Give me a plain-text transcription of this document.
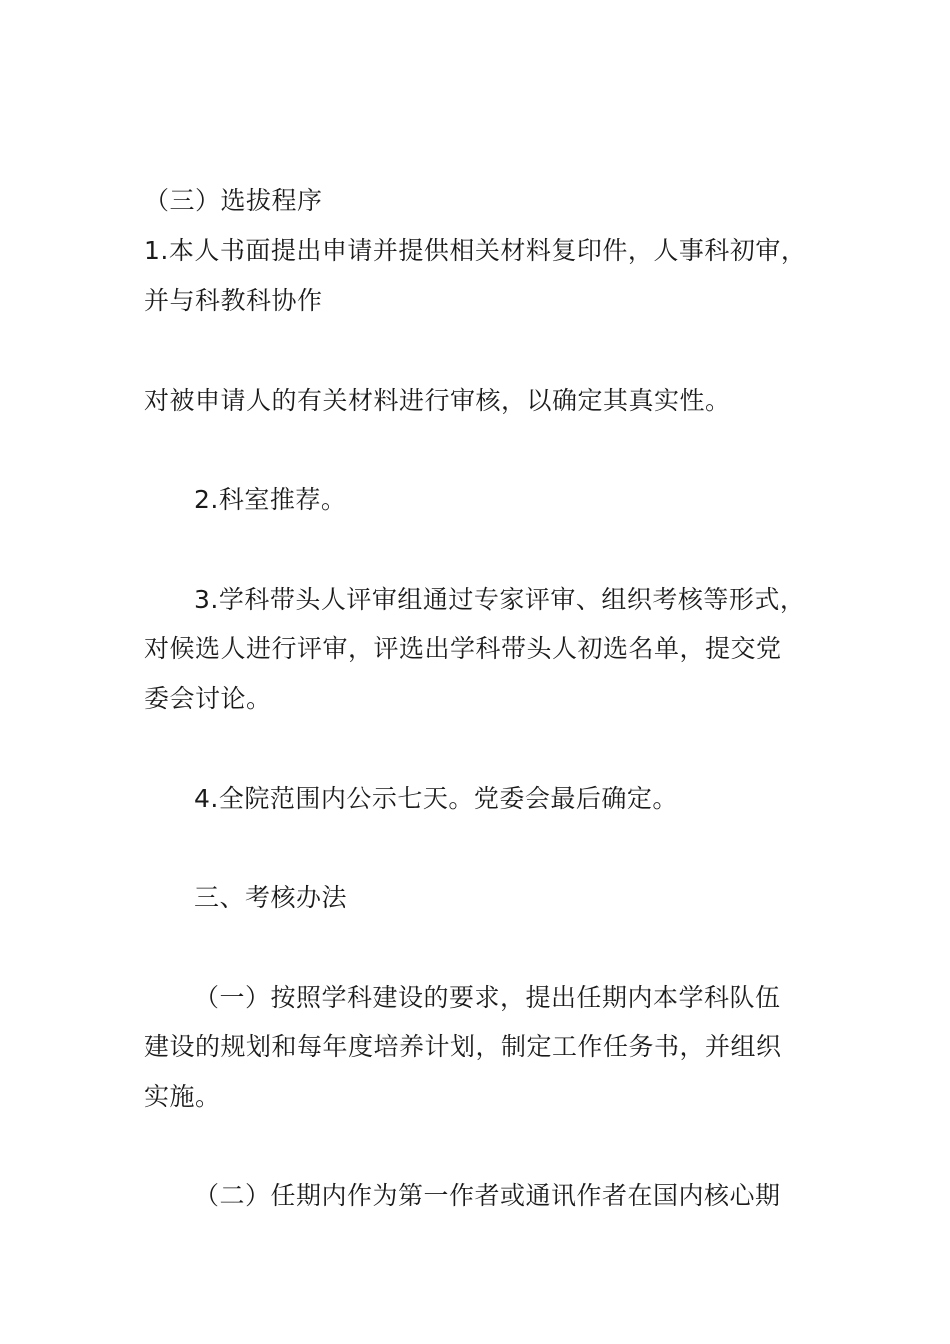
（三）选拔程序
1.本人书面提出申请并提供相关材料复印件，人事科初审，
并与科教科协作
对被申请人的有关材料进行审核，以确定其真实性。
2.科室推荐。
3.学科带头人评审组通过专家评审、组织考核等形式，
对候选人进行评审，评选出学科带头人初选名单，提交党
委会讨论。
4.全院范围内公示七天。党委会最后确定。
三、考核办法
（一）按照学科建设的要求，提出任期内本学科队伍
建设的规划和每年度培养计划，制定工作任务书，并组织
实施。
（二）任期内作为第一作者或通讯作者在国内核心期
